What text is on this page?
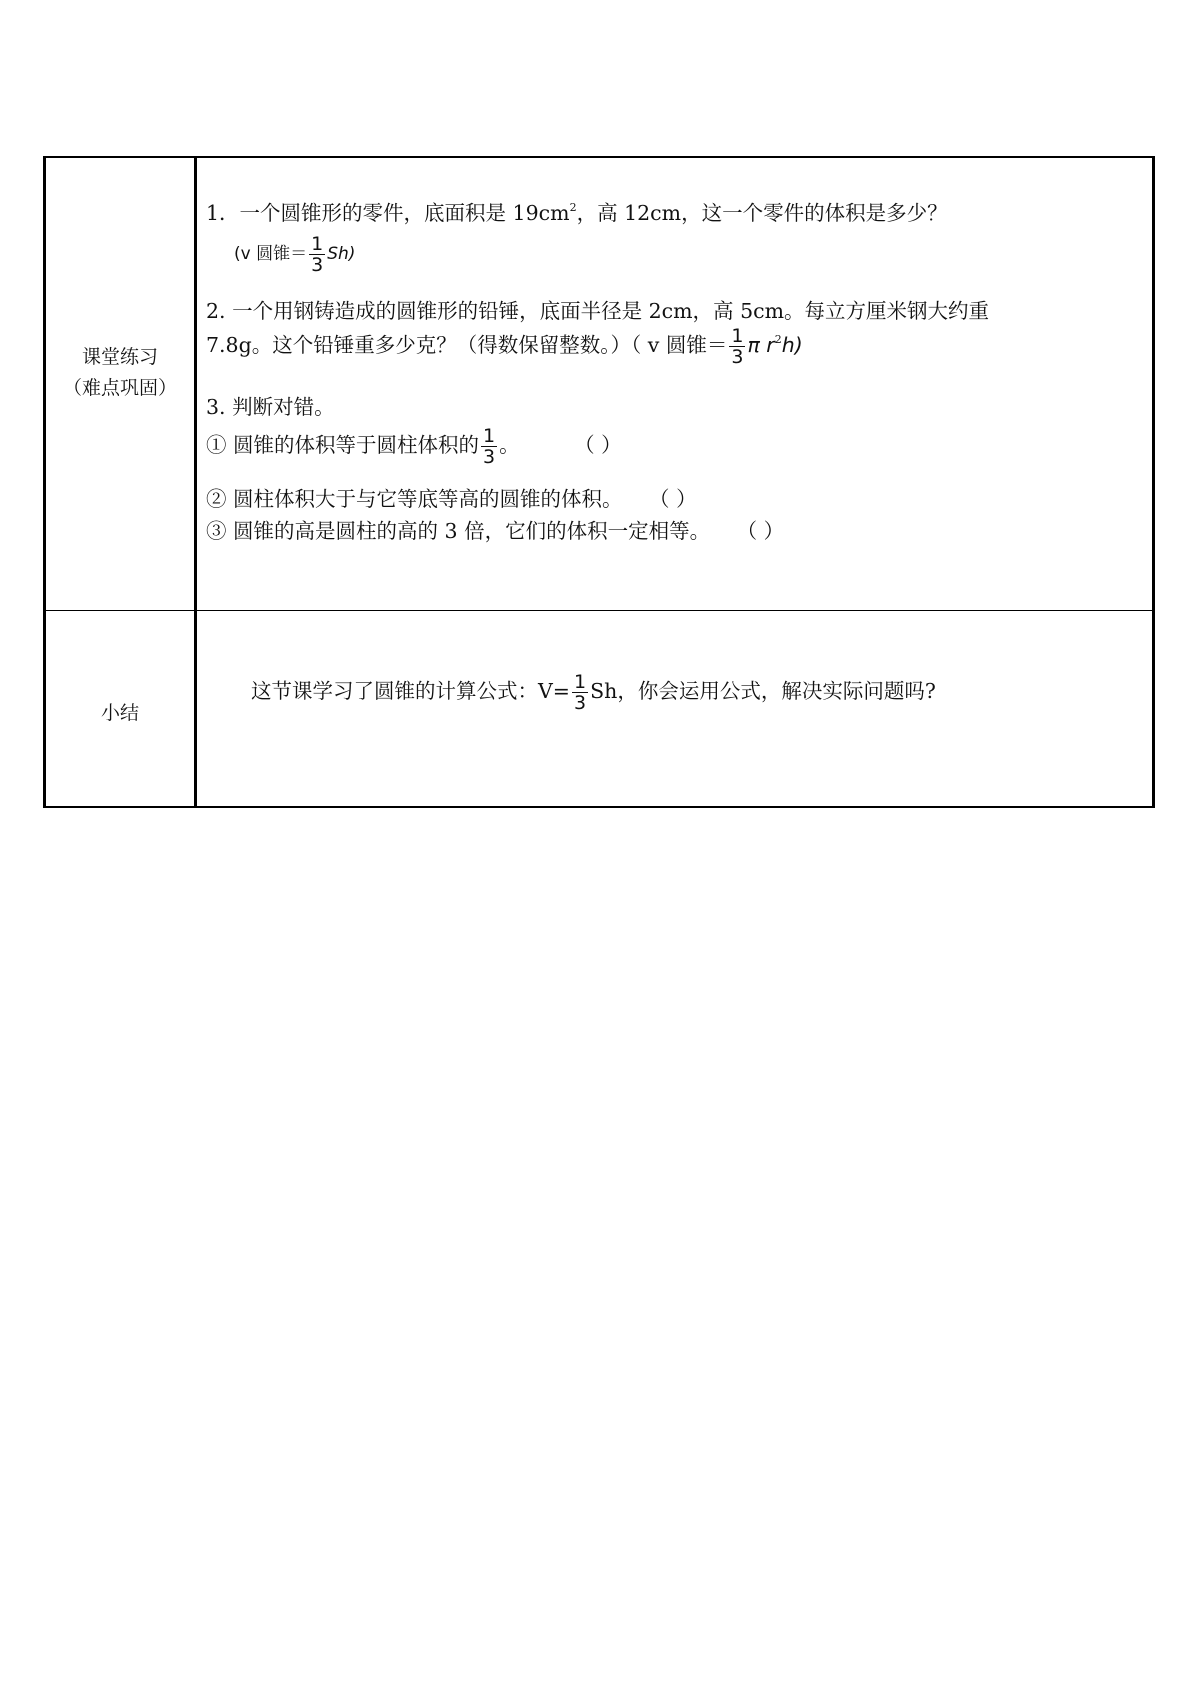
课堂练习
（难点巩固）
1．一个圆锥形的零件，底面积是 $19cm^2$，高 12cm，这一个零件的体积是多少？
(v 圆锥＝ $\frac{1}{3} Sh$)
2. 一个用钢铸造成的圆锥形的铅锤，底面半径是 2cm，高 5cm。每立方厘米钢大约重
7.8g。这个铅锤重多少克？（得数保留整数。）（ v 圆锥＝ $\frac{1}{3}$ π $r^2h$)
3. 判断对错。
① 圆锥的体积等于圆柱体积的 $\frac{1}{3}$ 。	（ ）
② 圆柱体积大于与它等底等高的圆锥的体积。 （ ）
③ 圆锥的高是圆柱的高的 3 倍，它们的体积一定相等。 （ ）
小结
这节课学习了圆锥的计算公式：$V= \frac{1}{3}$ Sh，你会运用公式，解决实际问题吗?
